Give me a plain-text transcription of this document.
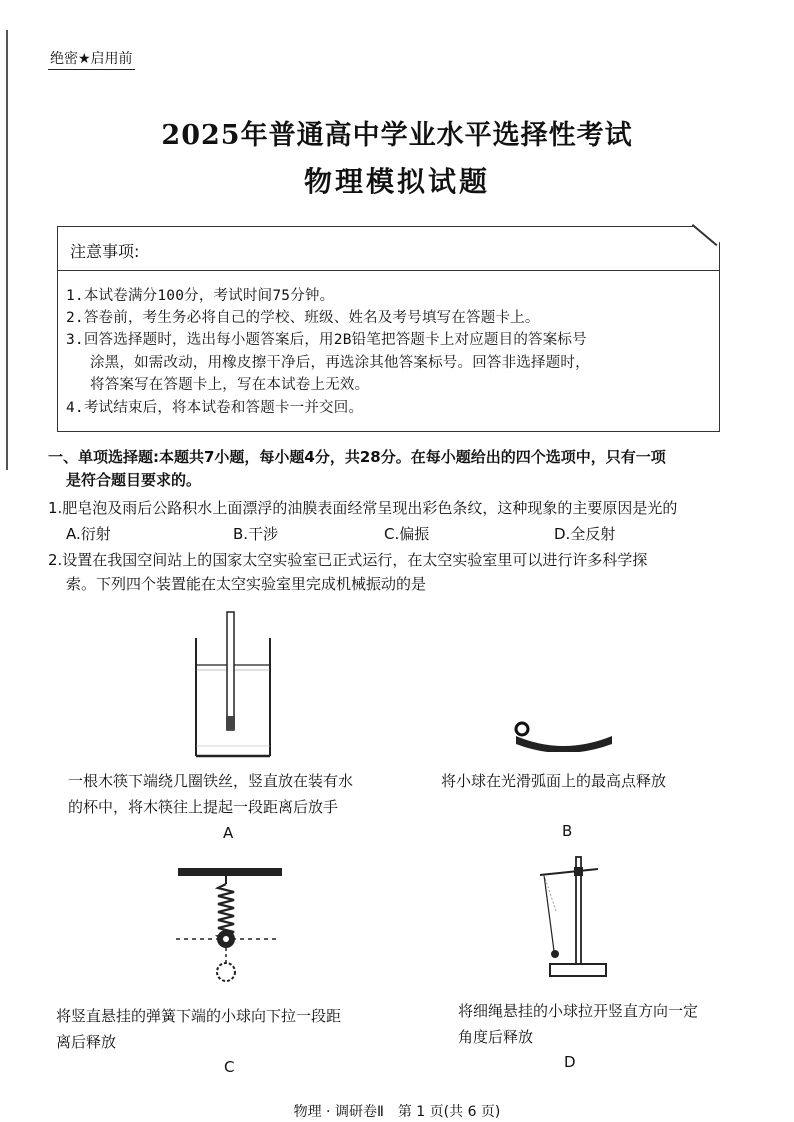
绝密★启用前
2025年普通高中学业水平选择性考试
物理模拟试题
注意事项:
1.本试卷满分100分，考试时间75分钟。
2.答卷前，考生务必将自己的学校、班级、姓名及考号填写在答题卡上。
3.回答选择题时，选出每小题答案后，用2B铅笔把答题卡上对应题目的答案标号
涂黑，如需改动，用橡皮擦干净后，再选涂其他答案标号。回答非选择题时，
将答案写在答题卡上，写在本试卷上无效。
4.考试结束后，将本试卷和答题卡一并交回。
一、单项选择题:本题共7小题，每小题4分，共28分。在每小题给出的四个选项中，只有一项
是符合题目要求的。
1.肥皂泡及雨后公路积水上面漂浮的油膜表面经常呈现出彩色条纹，这种现象的主要原因是光的
A.衍射	B.干涉	C.偏振	D.全反射
2.设置在我国空间站上的国家太空实验室已正式运行，在太空实验室里可以进行许多科学探
索。下列四个装置能在太空实验室里完成机械振动的是
一根木筷下端绕几圈铁丝，竖直放在装有水
的杯中，将木筷往上提起一段距离后放手
A
将小球在光滑弧面上的最高点释放
B
将竖直悬挂的弹簧下端的小球向下拉一段距
离后释放
C
将细绳悬挂的小球拉开竖直方向一定
角度后释放
D
物理 · 调研卷Ⅱ　第 1 页(共 6 页)
